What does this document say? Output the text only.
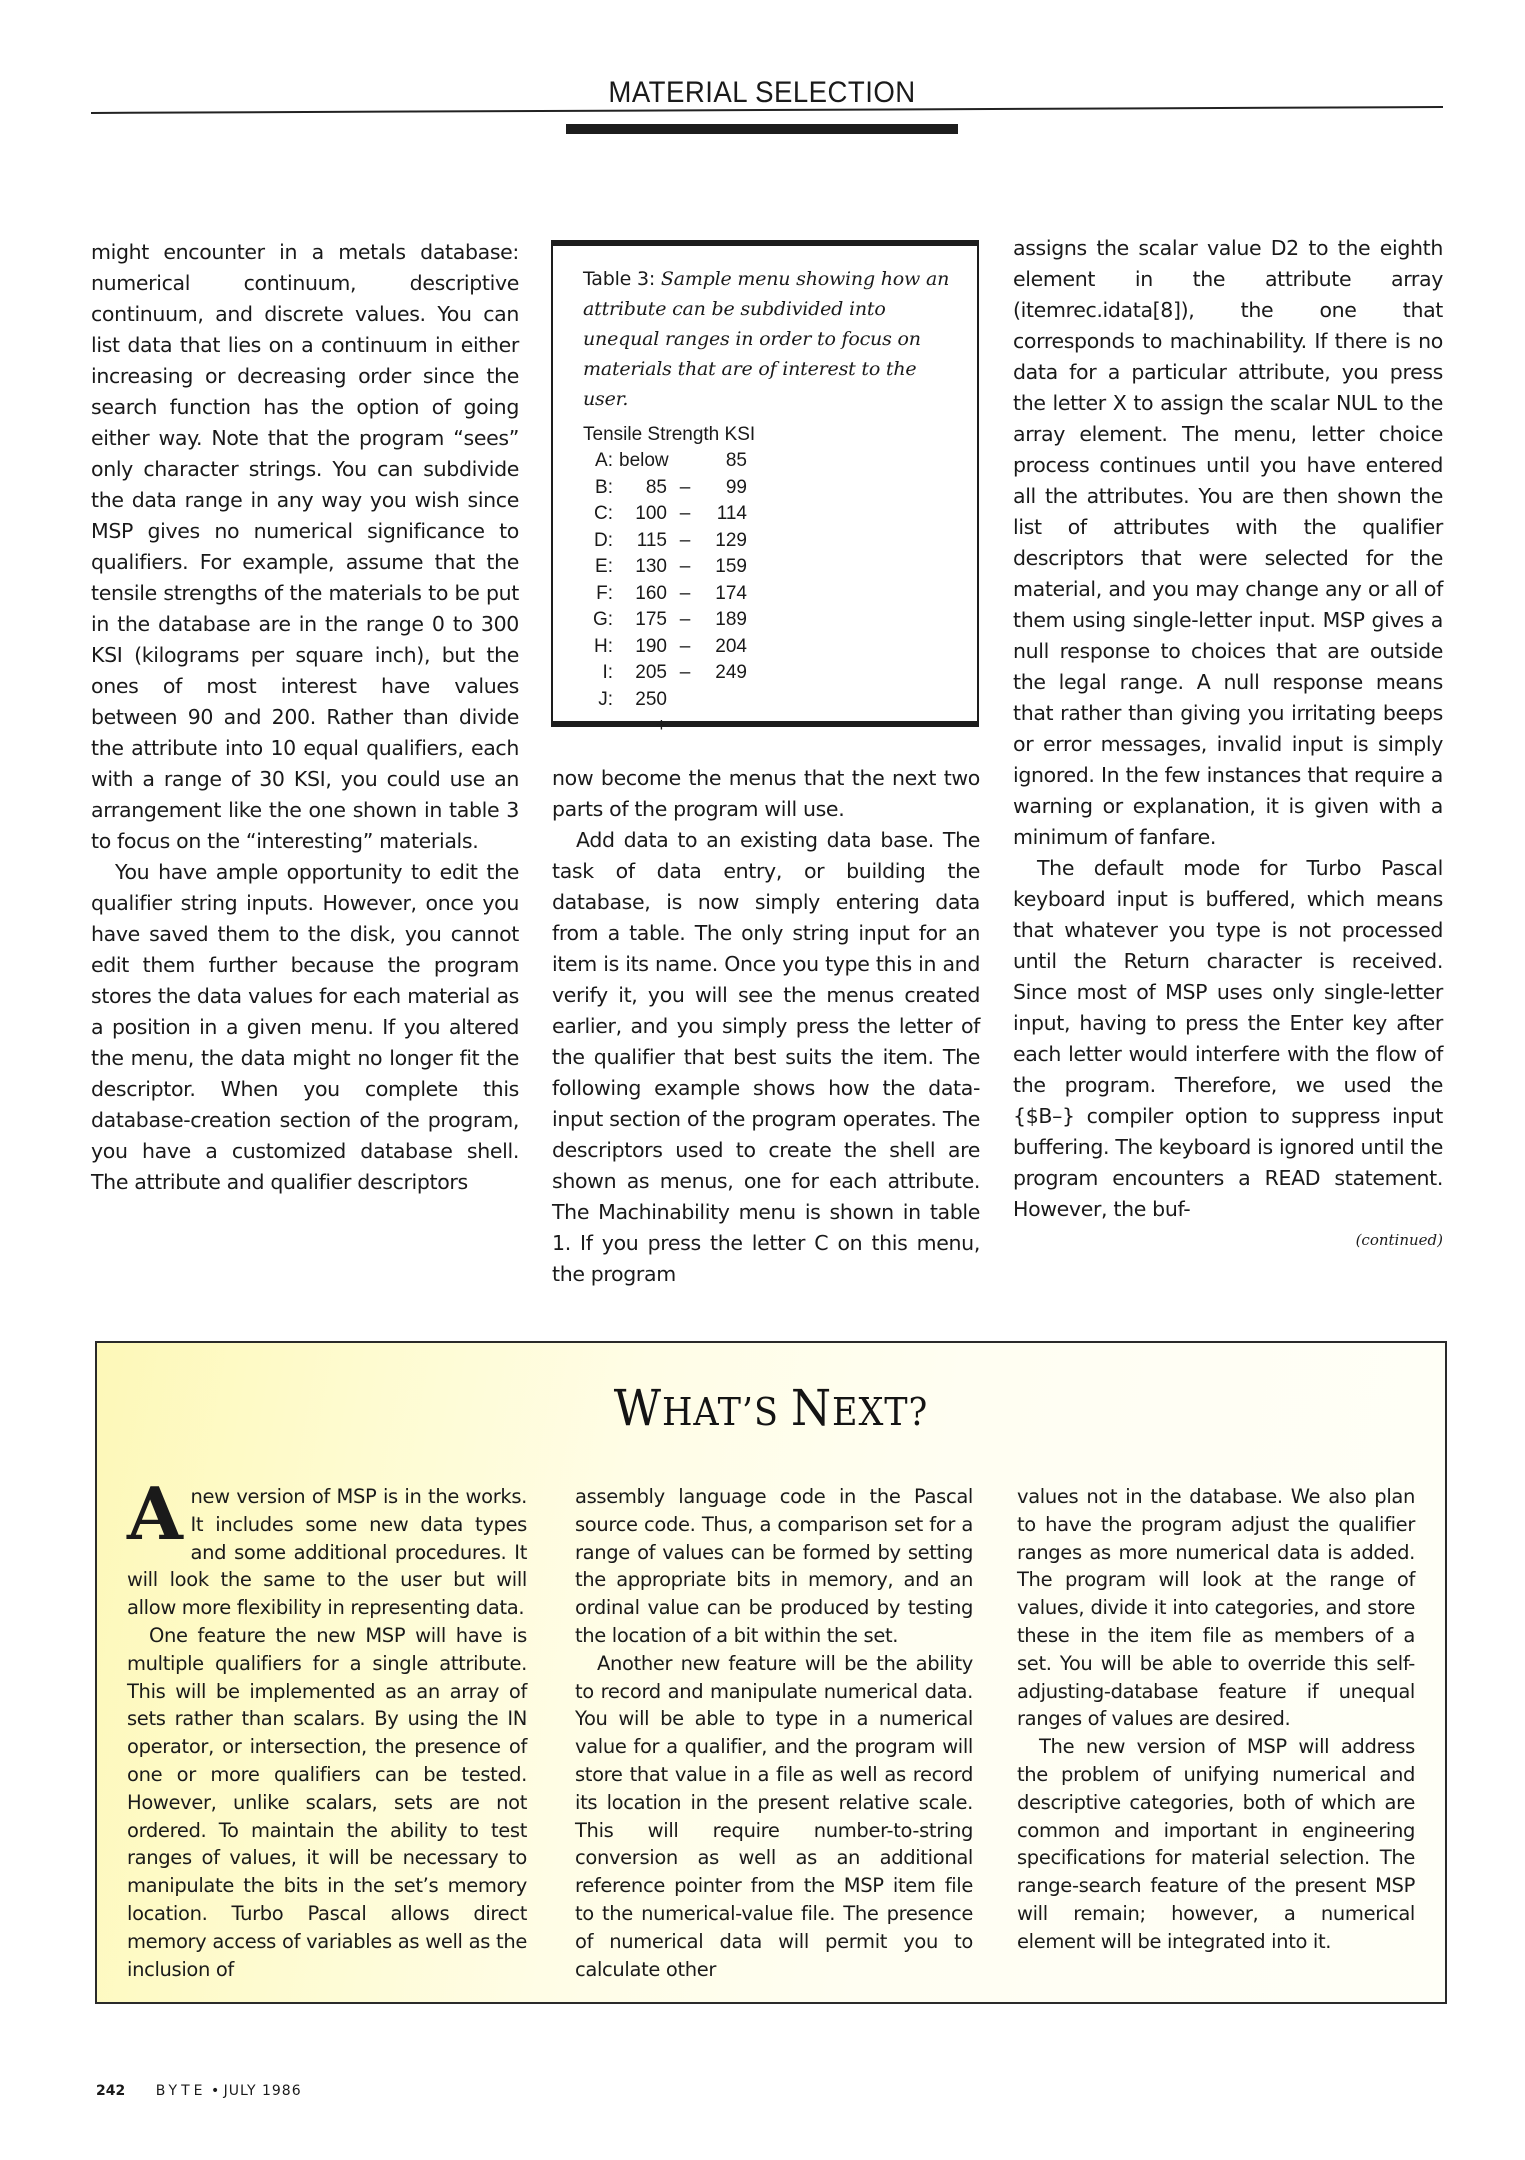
MATERIAL SELECTION

might encounter in a metals database: numerical continuum, descriptive continuum, and discrete values. You can list data that lies on a continuum in either increasing or decreasing order since the search function has the option of going either way. Note that the program “sees” only character strings. You can subdivide the data range in any way you wish since MSP gives no numerical significance to qualifiers. For example, assume that the tensile strengths of the materials to be put in the database are in the range 0 to 300 KSI (kilograms per square inch), but the ones of most interest have values between 90 and 200. Rather than divide the attribute into 10 equal qualifiers, each with a range of 30 KSI, you could use an arrangement like the one shown in table 3 to focus on the “interesting” materials.

You have ample opportunity to edit the qualifier string inputs. However, once you have saved them to the disk, you cannot edit them further because the program stores the data values for each material as a position in a given menu. If you altered the menu, the data might no longer fit the descriptor. When you complete this database-creation section of the program, you have a customized database shell. The attribute and qualifier descriptors

Table 3: Sample menu showing how an attribute can be subdivided into unequal ranges in order to focus on materials that are of interest to the user.

Tensile Strength KSI
A: below	85
B:	85 –	99
C:	100 –	114
D:	115 –	129
E:	130 –	159
F:	160 –	174
G:	175 –	189
H:	190 –	204
I:	205 –	249
J:	250 +

now become the menus that the next two parts of the program will use.

Add data to an existing data base. The task of data entry, or building the database, is now simply entering data from a table. The only string input for an item is its name. Once you type this in and verify it, you will see the menus created earlier, and you simply press the letter of the qualifier that best suits the item. The following example shows how the data-input section of the program operates. The descriptors used to create the shell are shown as menus, one for each attribute. The Machinability menu is shown in table 1. If you press the letter C on this menu, the program

assigns the scalar value D2 to the eighth element in the attribute array (itemrec.idata[8]), the one that corresponds to machinability. If there is no data for a particular attribute, you press the letter X to assign the scalar NUL to the array element. The menu, letter choice process continues until you have entered all the attributes. You are then shown the list of attributes with the qualifier descriptors that were selected for the material, and you may change any or all of them using single-letter input. MSP gives a null response to choices that are outside the legal range. A null response means that rather than giving you irritating beeps or error messages, invalid input is simply ignored. In the few instances that require a warning or explanation, it is given with a minimum of fanfare.

The default mode for Turbo Pascal keyboard input is buffered, which means that whatever you type is not processed until the Return character is received. Since most of MSP uses only single-letter input, having to press the Enter key after each letter would interfere with the flow of the program. Therefore, we used the {$B–} compiler option to suppress input buffering. The keyboard is ignored until the program encounters a READ statement. However, the buf-

(continued)
WHAT’S NEXT?

Anew version of MSP is in the works. It includes some new data types and some additional procedures. It will look the same to the user but will allow more flexibility in representing data.

One feature the new MSP will have is multiple qualifiers for a single attribute. This will be implemented as an array of sets rather than scalars. By using the IN operator, or intersection, the presence of one or more qualifiers can be tested. However, unlike scalars, sets are not ordered. To maintain the ability to test ranges of values, it will be necessary to manipulate the bits in the set’s memory location. Turbo Pascal allows direct memory access of variables as well as the inclusion of

assembly language code in the Pascal source code. Thus, a comparison set for a range of values can be formed by setting the appropriate bits in memory, and an ordinal value can be produced by testing the location of a bit within the set.

Another new feature will be the ability to record and manipulate numerical data. You will be able to type in a numerical value for a qualifier, and the program will store that value in a file as well as record its location in the present relative scale. This will require number-to-string conversion as well as an additional reference pointer from the MSP item file to the numerical-value file. The presence of numerical data will permit you to calculate other

values not in the database. We also plan to have the program adjust the qualifier ranges as more numerical data is added. The program will look at the range of values, divide it into categories, and store these in the item file as members of a set. You will be able to override this self-adjusting-database feature if unequal ranges of values are desired.

The new version of MSP will address the problem of unifying numerical and descriptive categories, both of which are common and important in engineering specifications for material selection. The range-search feature of the present MSP will remain; however, a numerical element will be integrated into it.

242 BYTE • JULY 1986
